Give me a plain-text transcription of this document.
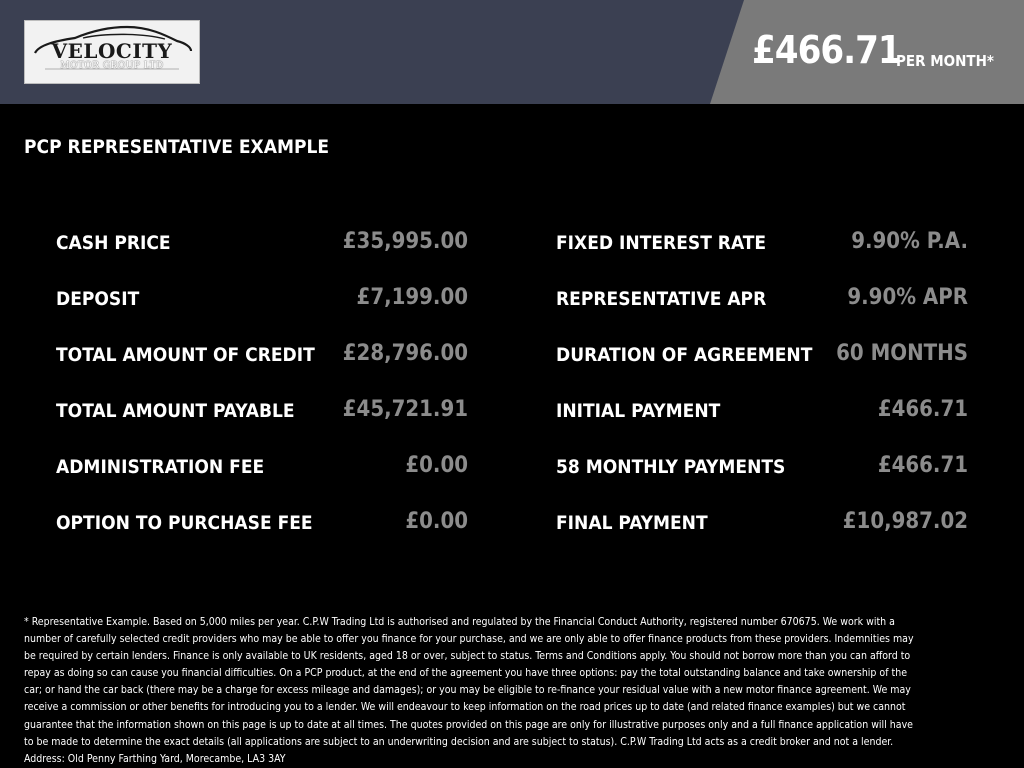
VELOCITY
MOTOR GROUP LTD	£466.71
PER MONTH*
PCP REPRESENTATIVE EXAMPLE
CASH PRICE	£35,995.00
DEPOSIT	£7,199.00
TOTAL AMOUNT OF CREDIT	£28,796.00
TOTAL AMOUNT PAYABLE	£45,721.91
ADMINISTRATION FEE	£0.00
OPTION TO PURCHASE FEE	£0.00
FIXED INTEREST RATE	9.90% P.A.
REPRESENTATIVE APR	9.90% APR
DURATION OF AGREEMENT	60 MONTHS
INITIAL PAYMENT	£466.71
58 MONTHLY PAYMENTS	£466.71
FINAL PAYMENT	£10,987.02
* Representative Example. Based on 5,000 miles per year. C.P.W Trading Ltd is authorised and regulated by the Financial Conduct Authority, registered number 670675. We work with a number of carefully selected credit providers who may be able to offer you finance for your purchase, and we are only able to offer finance products from these providers. Indemnities may be required by certain lenders. Finance is only available to UK residents, aged 18 or over, subject to status. Terms and Conditions apply. You should not borrow more than you can afford to repay as doing so can cause you financial difficulties. On a PCP product, at the end of the agreement you have three options: pay the total outstanding balance and take ownership of the car; or hand the car back (there may be a charge for excess mileage and damages); or you may be eligible to re-finance your residual value with a new motor finance agreement. We may receive a commission or other benefits for introducing you to a lender. We will endeavour to keep information on the road prices up to date (and related finance examples) but we cannot guarantee that the information shown on this page is up to date at all times. The quotes provided on this page are only for illustrative purposes only and a full finance application will have to be made to determine the exact details (all applications are subject to an underwriting decision and are subject to status). C.P.W Trading Ltd acts as a credit broker and not a lender. Address: Old Penny Farthing Yard, Morecambe, LA3 3AY
